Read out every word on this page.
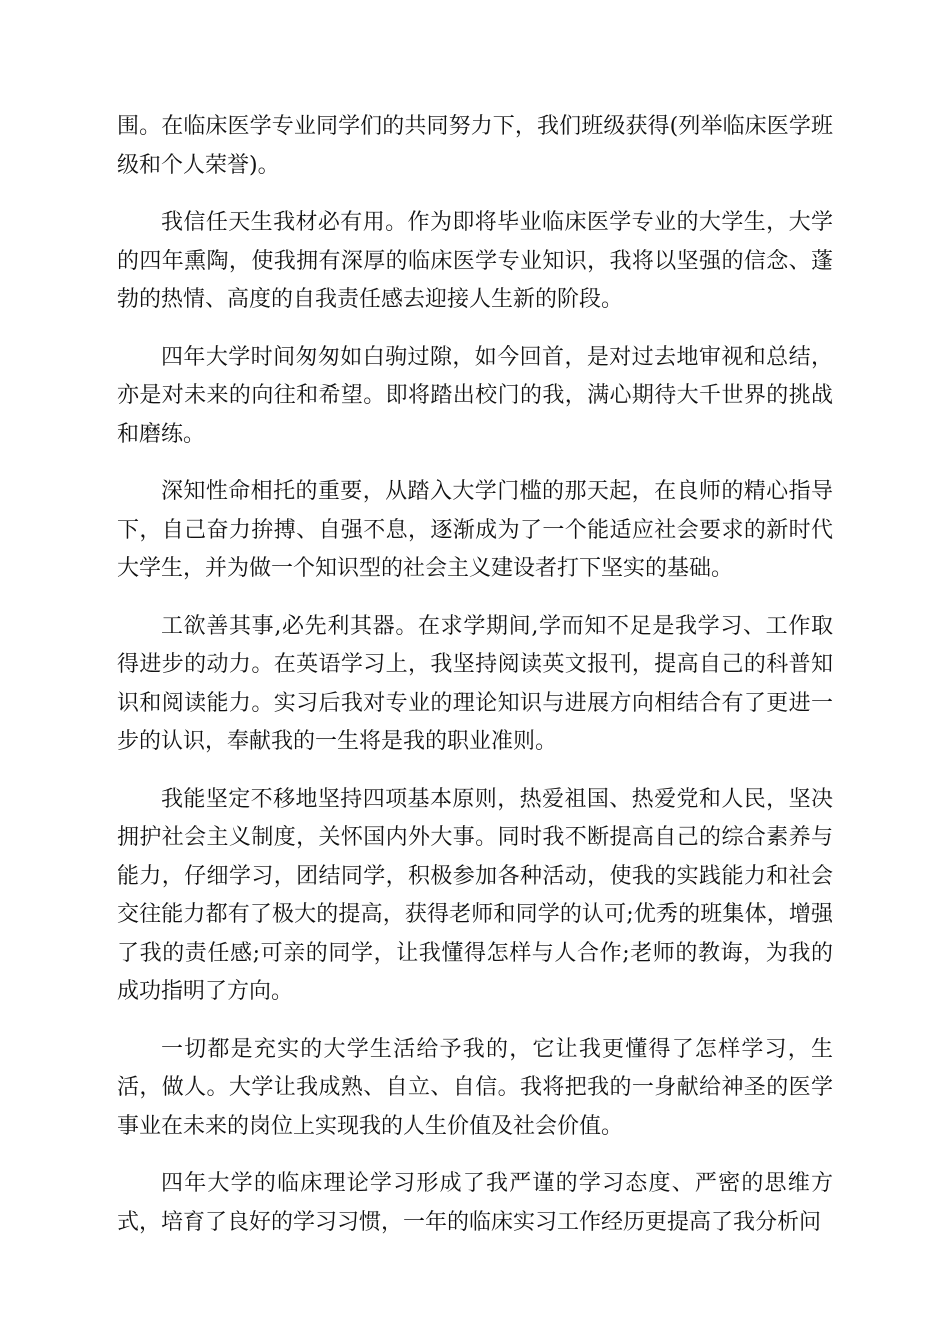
围。在临床医学专业同学们的共同努力下，我们班级获得(列举临床医学班级和个人荣誉)。

我信任天生我材必有用。作为即将毕业临床医学专业的大学生，大学的四年熏陶，使我拥有深厚的临床医学专业知识，我将以坚强的信念、蓬勃的热情、高度的自我责任感去迎接人生新的阶段。

四年大学时间匆匆如白驹过隙，如今回首，是对过去地审视和总结，亦是对未来的向往和希望。即将踏出校门的我，满心期待大千世界的挑战和磨练。

深知性命相托的重要，从踏入大学门槛的那天起，在良师的精心指导下，自己奋力拚搏、自强不息，逐渐成为了一个能适应社会要求的新时代大学生，并为做一个知识型的社会主义建设者打下坚实的基础。

工欲善其事,必先利其器。在求学期间,学而知不足是我学习、工作取得进步的动力。在英语学习上，我坚持阅读英文报刊，提高自己的科普知识和阅读能力。实习后我对专业的理论知识与进展方向相结合有了更进一步的认识，奉献我的一生将是我的职业准则。

我能坚定不移地坚持四项基本原则，热爱祖国、热爱党和人民，坚决拥护社会主义制度，关怀国内外大事。同时我不断提高自己的综合素养与能力，仔细学习，团结同学，积极参加各种活动，使我的实践能力和社会交往能力都有了极大的提高，获得老师和同学的认可;优秀的班集体，增强了我的责任感;可亲的同学，让我懂得怎样与人合作;老师的教诲，为我的成功指明了方向。

一切都是充实的大学生活给予我的，它让我更懂得了怎样学习，生活，做人。大学让我成熟、自立、自信。我将把我的一身献给神圣的医学事业在未来的岗位上实现我的人生价值及社会价值。

四年大学的临床理论学习形成了我严谨的学习态度、严密的思维方式，培育了良好的学习习惯，一年的临床实习工作经历更提高了我分析问
